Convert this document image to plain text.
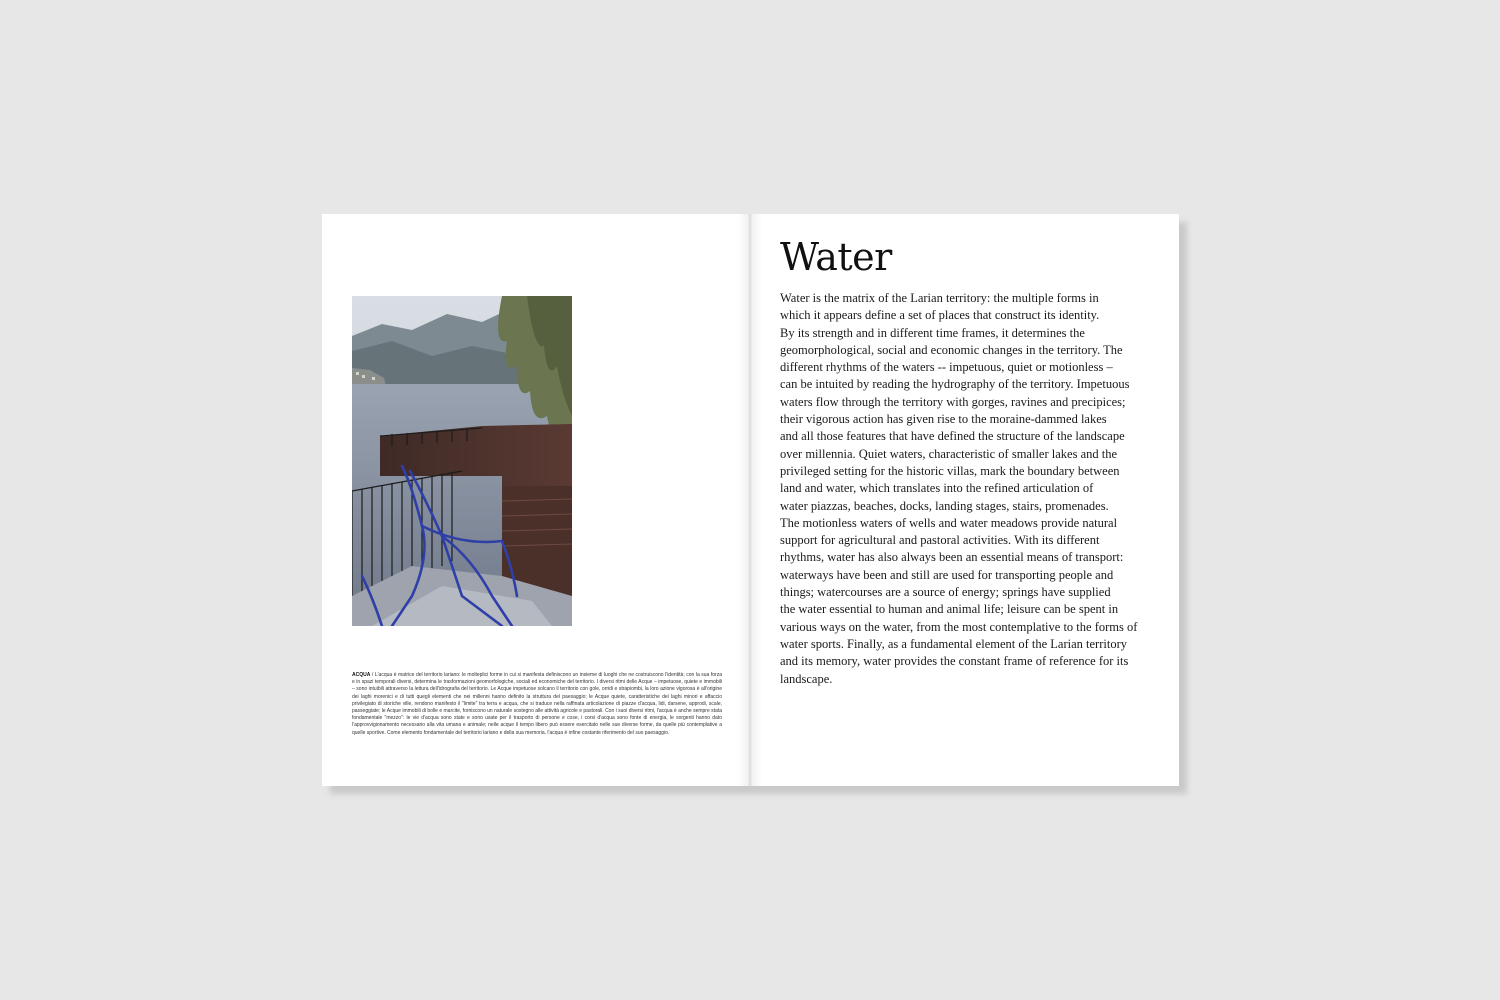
ACQUA / L'acqua è matrice del territorio lariano: le molteplici forme in cui si manifesta definiscono un insieme di luoghi che ne costruiscono l'identità; con la sua forza e in spazi temporali diversi, determina le trasformazioni geomorfologiche, sociali ed economiche del territorio. I diversi ritmi delle Acque – impetuose, quiete e immobili – sono intuibili attraverso la lettura dell'idrografia del territorio. Le Acque impetuose solcano il territorio con gole, orridi e strapiombi, la loro azione vigorosa è all'origine dei laghi morenici e di tutti quegli elementi che nei millenni hanno definito la struttura del paesaggio; le Acque quiete, caratteristiche dei laghi minori e affaccio privilegiato di storiche ville, rendono manifesto il "limite" tra terra e acqua, che si traduce nella raffinata articolazione di piazze d'acqua, lidi, darsene, approdi, scale, passeggiate; le Acque immobili di bolle e marcite, forniscono un naturale sostegno alle attività agricole e pastorali. Con i suoi diversi ritmi, l'acqua è anche sempre stata fondamentale "mezzo": le vie d'acqua sono state e sono usate per il trasporto di persone e cose, i corsi d'acqua sono fonte di energia, le sorgenti hanno dato l'approvvigionamento necessario alla vita umana e animale; nelle acque il tempo libero può essere esercitato nelle sue diverse forme, da quelle più contemplative a quelle sportive. Come elemento fondamentale del territorio lariano e della sua memoria, l'acqua è infine costante riferimento del suo paesaggio.

Water

Water is the matrix of the Larian territory: the multiple forms in
which it appears define a set of places that construct its identity.
By its strength and in different time frames, it determines the
geomorphological, social and economic changes in the territory. The
different rhythms of the waters -- impetuous, quiet or motionless –
can be intuited by reading the hydrography of the territory. Impetuous
waters flow through the territory with gorges, ravines and precipices;
their vigorous action has given rise to the moraine-dammed lakes
and all those features that have defined the structure of the landscape
over millennia. Quiet waters, characteristic of smaller lakes and the
privileged setting for the historic villas, mark the boundary between
land and water, which translates into the refined articulation of
water piazzas, beaches, docks, landing stages, stairs, promenades.
The motionless waters of wells and water meadows provide natural
support for agricultural and pastoral activities. With its different
rhythms, water has also always been an essential means of transport:
waterways have been and still are used for transporting people and
things; watercourses are a source of energy; springs have supplied
the water essential to human and animal life; leisure can be spent in
various ways on the water, from the most contemplative to the forms of
water sports. Finally, as a fundamental element of the Larian territory
and its memory, water provides the constant frame of reference for its
landscape.
